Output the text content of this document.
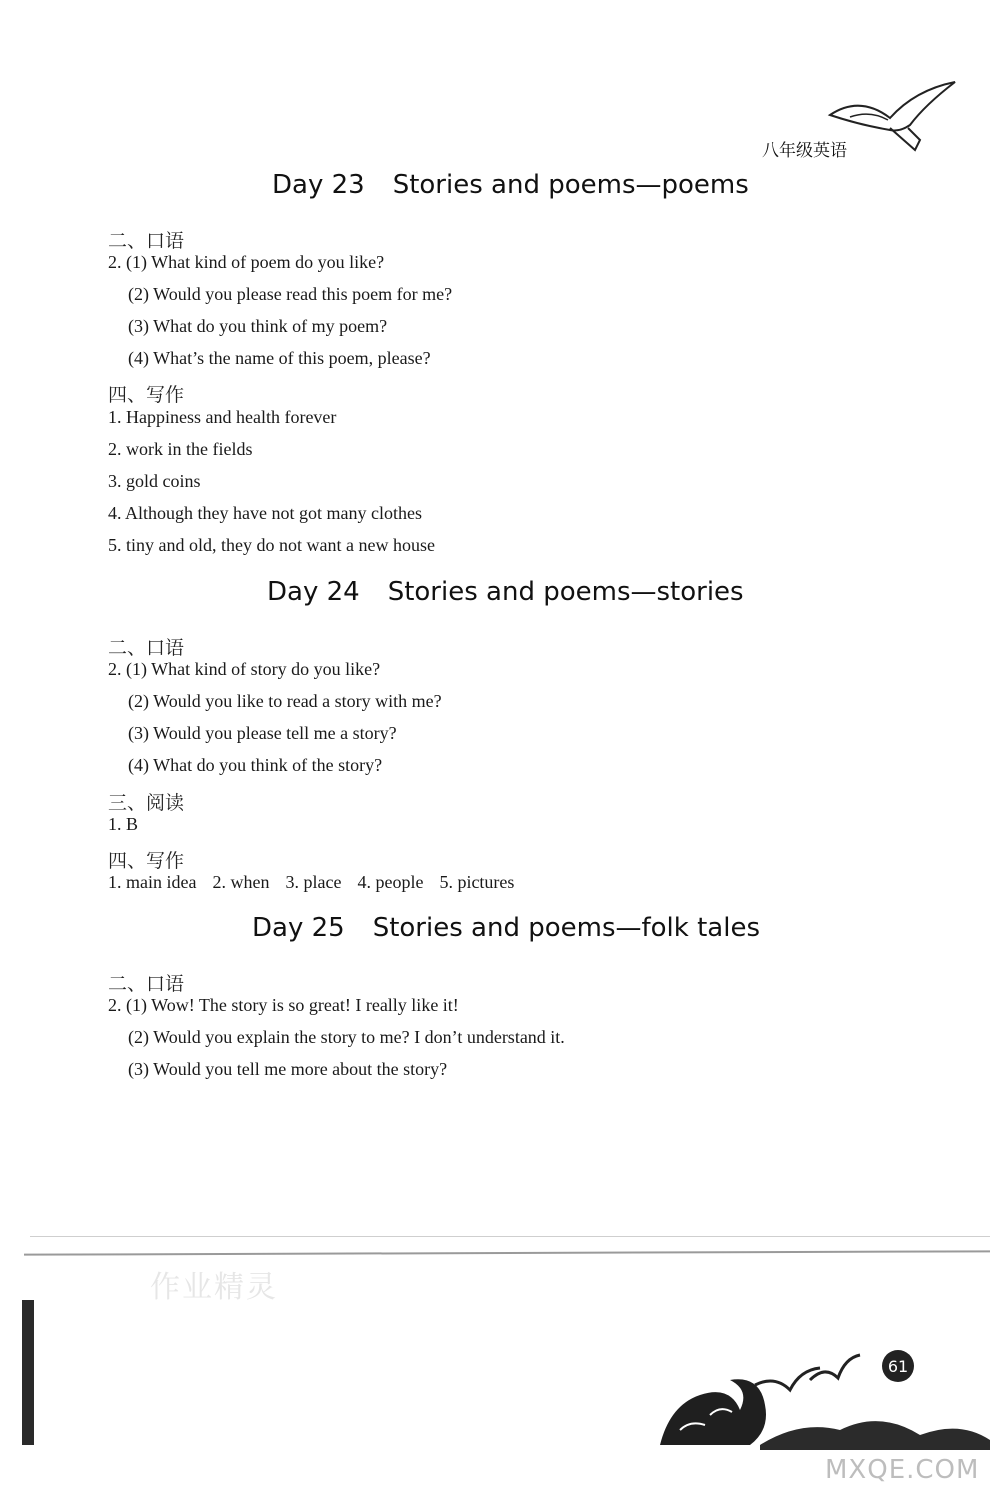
八年级英语
Day 23 Stories and poems—poems
二、口语
2. (1) What kind of poem do you like?
(2) Would you please read this poem for me?
(3) What do you think of my poem?
(4) What’s the name of this poem, please?
四、写作
1. Happiness and health forever
2. work in the fields
3. gold coins
4. Although they have not got many clothes
5. tiny and old, they do not want a new house
Day 24 Stories and poems—stories
二、口语
2. (1) What kind of story do you like?
(2) Would you like to read a story with me?
(3) Would you please tell me a story?
(4) What do you think of the story?
三、阅读
1. B
四、写作
1. main idea 2. when 3. place 4. people 5. pictures
Day 25 Stories and poems—folk tales
二、口语
2. (1) Wow! The story is so great! I really like it!
(2) Would you explain the story to me? I don’t understand it.
(3) Would you tell me more about the story?
作业精灵
61
MXQE.COM
